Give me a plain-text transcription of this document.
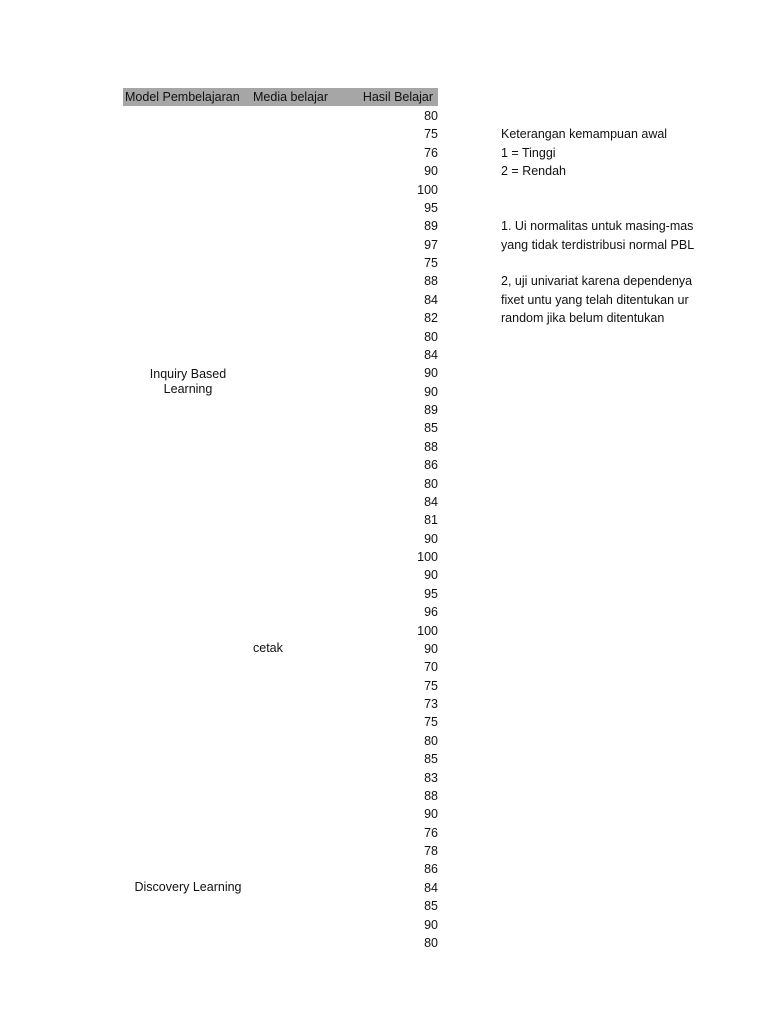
Model Pembelajaran Media belajar	Hasil Belajar
Inquiry Based Learning
cetak
Discovery Learning
80
75
76
90
100
95
89
97
75
88
84
82
80
84
90
90
89
85
88
86
80
84
81
90
100
90
95
96
100
90
70
75
73
75
80
85
83
88
90
76
78
86
84
85
90
80
Keterangan kemampuan awal
1 = Tinggi
2 = Rendah
1. Ui normalitas untuk masing-mas
yang tidak terdistribusi normal PBL
2, uji univariat karena dependenya
fixet untu yang telah ditentukan ur
random jika belum ditentukan
